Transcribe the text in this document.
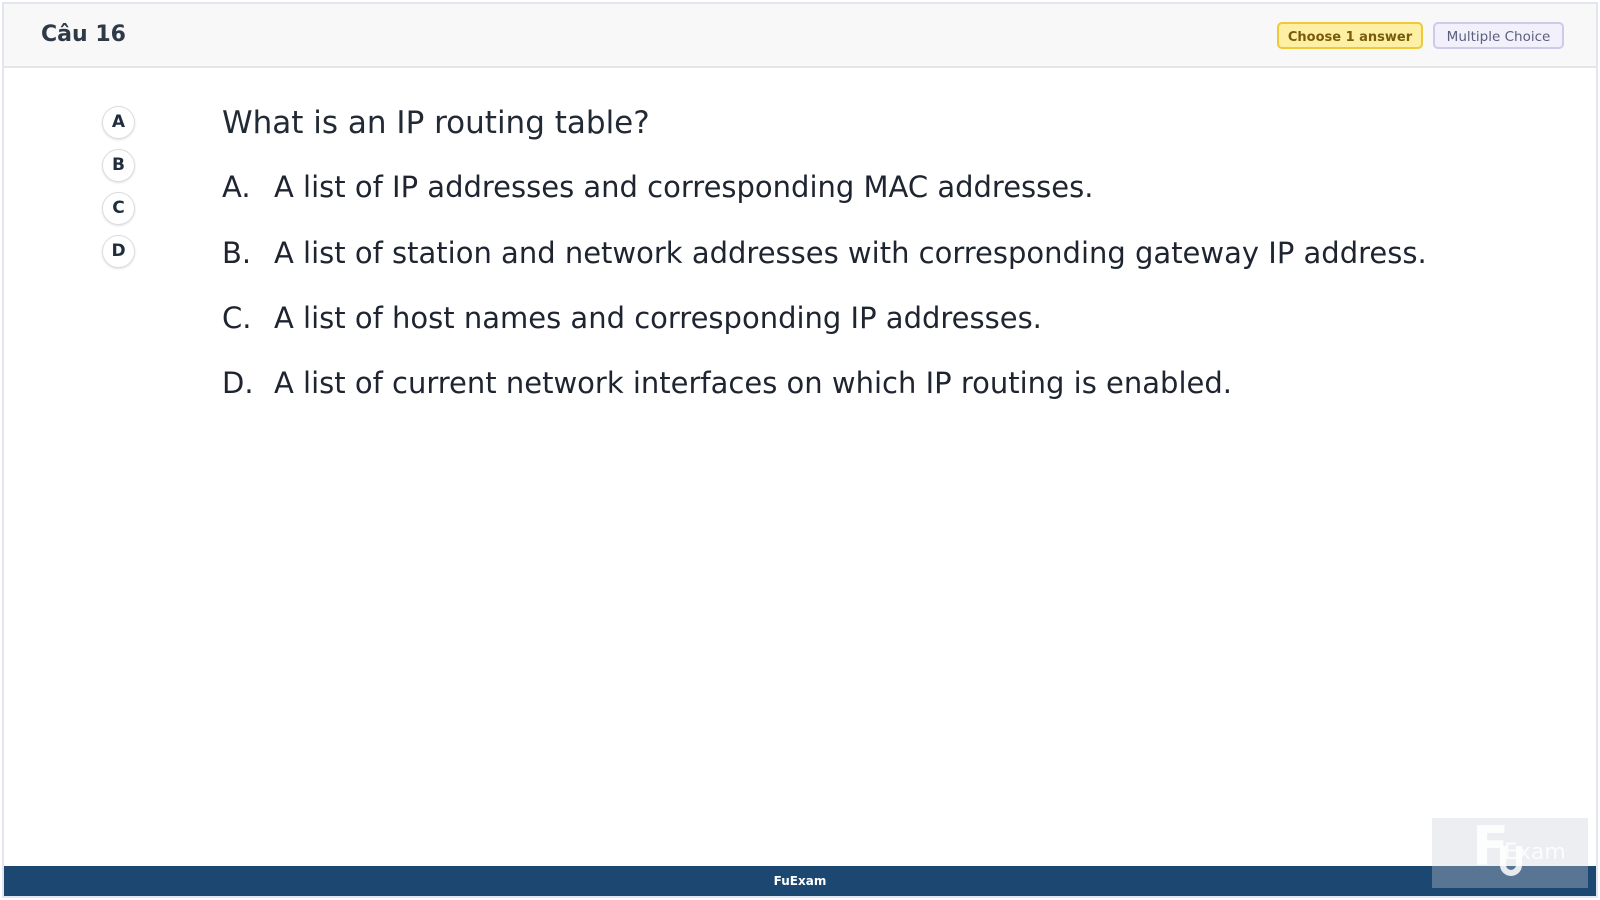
Câu 16	Choose 1 answer	Multiple Choice
A
B
C
D
What is an IP routing table?
A. A list of IP addresses and corresponding MAC addresses.
B. A list of station and network addresses with corresponding gateway IP address.
C. A list of host names and corresponding IP addresses.
D. A list of current network interfaces on which IP routing is enabled.
FuExam
F
Exam
